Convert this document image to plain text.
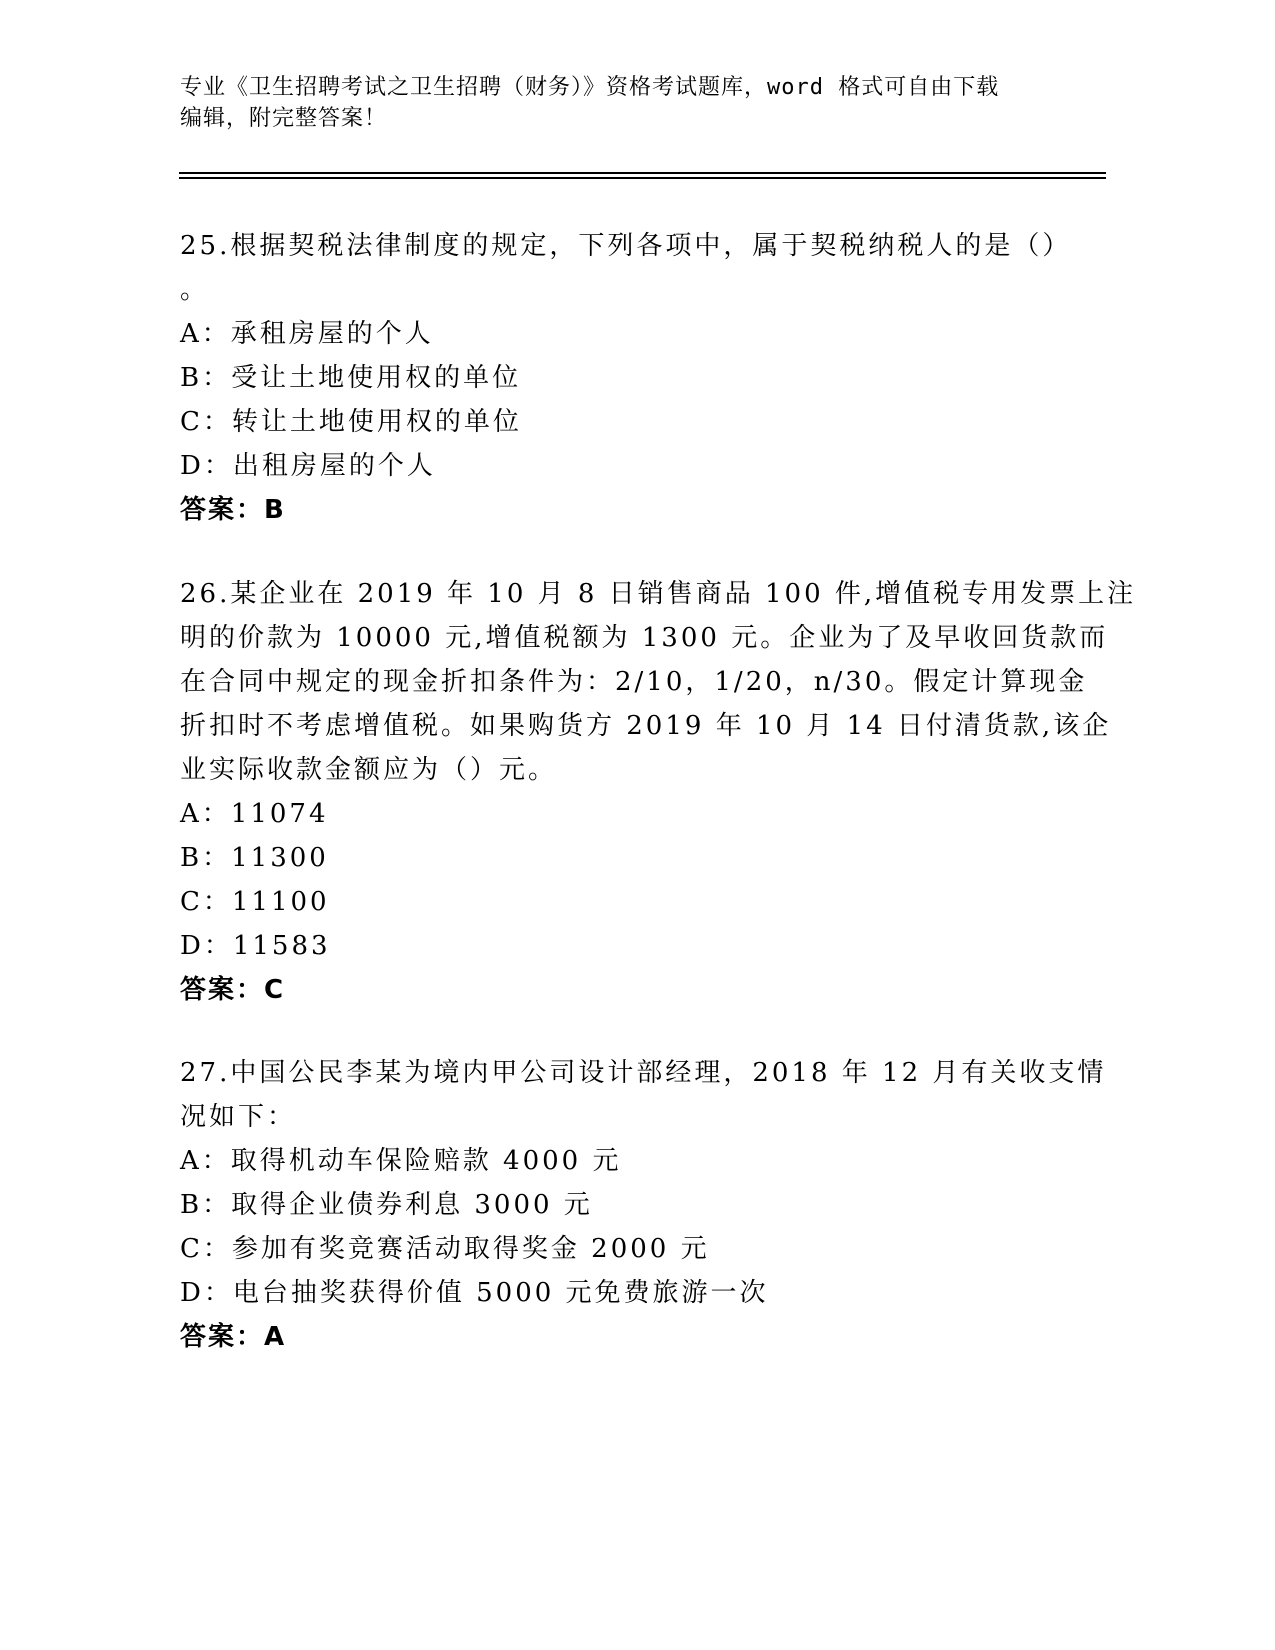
专业《卫生招聘考试之卫生招聘（财务）》资格考试题库，word 格式可自由下载
编辑，附完整答案！
25.根据契税法律制度的规定，下列各项中，属于契税纳税人的是（）
。
A：承租房屋的个人
B：受让土地使用权的单位
C：转让土地使用权的单位
D：出租房屋的个人
答案：B
26.某企业在 2019 年 10 月 8 日销售商品 100 件,增值税专用发票上注
明的价款为 10000 元,增值税额为 1300 元。企业为了及早收回货款而
在合同中规定的现金折扣条件为：2/10，1/20，n/30。假定计算现金
折扣时不考虑增值税。如果购货方 2019 年 10 月 14 日付清货款,该企
业实际收款金额应为（）元。
A：11074
B：11300
C：11100
D：11583
答案：C
27.中国公民李某为境内甲公司设计部经理，2018 年 12 月有关收支情
况如下：
A：取得机动车保险赔款 4000 元
B：取得企业债券利息 3000 元
C：参加有奖竞赛活动取得奖金 2000 元
D：电台抽奖获得价值 5000 元免费旅游一次
答案：A
